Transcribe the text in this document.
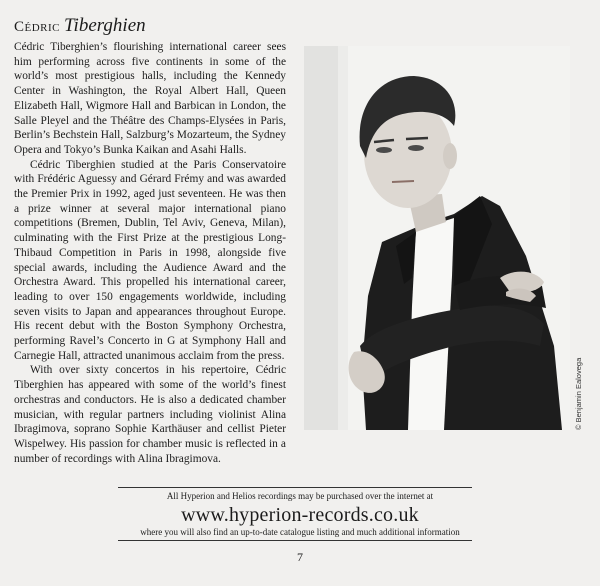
Cédric Tiberghien

Cédric Tiberghien’s flourishing international career sees him performing across five continents in some of the world’s most prestigious halls, including the Kennedy Center in Washington, the Royal Albert Hall, Queen Elizabeth Hall, Wigmore Hall and Barbican in London, the Salle Pleyel and the Théâtre des Champs-Elysées in Paris, Berlin’s Bechstein Hall, Salzburg’s Mozarteum, the Sydney Opera and Tokyo’s Bunka Kaikan and Asahi Halls.

Cédric Tiberghien studied at the Paris Conservatoire with Frédéric Aguessy and Gérard Frémy and was awarded the Premier Prix in 1992, aged just seventeen. He was then a prize winner at several major international piano competitions (Bremen, Dublin, Tel Aviv, Geneva, Milan), culminating with the First Prize at the prestigious Long-Thibaud Competition in Paris in 1998, alongside five special awards, including the Audience Award and the Orchestra Award. This propelled his international career, leading to over 150 engagements worldwide, including seven visits to Japan and appearances throughout Europe. His recent debut with the Boston Symphony Orchestra, performing Ravel’s Concerto in G at Symphony Hall and Carnegie Hall, attracted unanimous acclaim from the press.

With over sixty concertos in his repertoire, Cédric Tiberghien has appeared with some of the world’s finest orchestras and conductors. He is also a dedicated chamber musician, with regular partners including violinist Alina Ibragimova, soprano Sophie Karthäuser and cellist Pieter Wispelwey. His passion for chamber music is reflected in a number of recordings with Alina Ibragimova.

© Benjamin Ealovega
All Hyperion and Helios recordings may be purchased over the internet at
www.hyperion-records.co.uk
where you will also find an up-to-date catalogue listing and much additional information
7
